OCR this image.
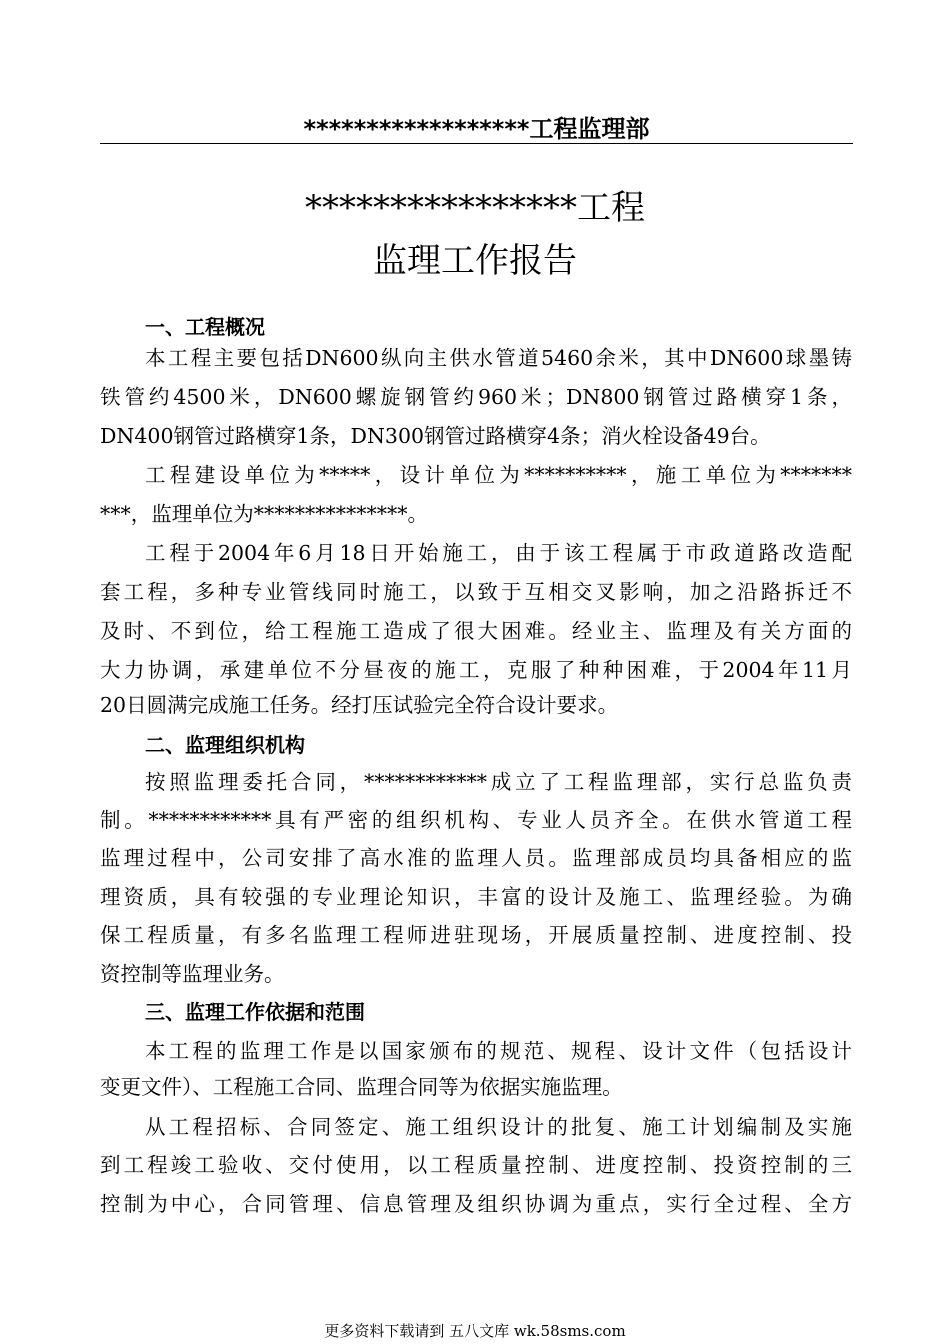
******************工程监理部
****************工程
监理工作报告
一、工程概况
本工程主要包括DN600纵向主供水管道5460余米，其中DN600球墨铸
铁管约4500米，DN600螺旋钢管约960米；DN800钢管过路横穿1条，
DN400钢管过路横穿1条，DN300钢管过路横穿4条；消火栓设备49台。
工程建设单位为*****，设计单位为**********，施工单位为*******
***，监理单位为***************。
工程于2004年6月18日开始施工，由于该工程属于市政道路改造配
套工程，多种专业管线同时施工，以致于互相交叉影响，加之沿路拆迁不
及时、不到位，给工程施工造成了很大困难。经业主、监理及有关方面的
大力协调，承建单位不分昼夜的施工，克服了种种困难，于2004年11月
20日圆满完成施工任务。经打压试验完全符合设计要求。
二、监理组织机构
按照监理委托合同，************成立了工程监理部，实行总监负责
制。************具有严密的组织机构、专业人员齐全。在供水管道工程
监理过程中，公司安排了高水准的监理人员。监理部成员均具备相应的监
理资质，具有较强的专业理论知识，丰富的设计及施工、监理经验。为确
保工程质量，有多名监理工程师进驻现场，开展质量控制、进度控制、投
资控制等监理业务。
三、监理工作依据和范围
本工程的监理工作是以国家颁布的规范、规程、设计文件（包括设计
变更文件）、工程施工合同、监理合同等为依据实施监理。
从工程招标、合同签定、施工组织设计的批复、施工计划编制及实施
到工程竣工验收、交付使用，以工程质量控制、进度控制、投资控制的三
控制为中心，合同管理、信息管理及组织协调为重点，实行全过程、全方
更多资料下载请到 五八文库 wk.58sms.com
